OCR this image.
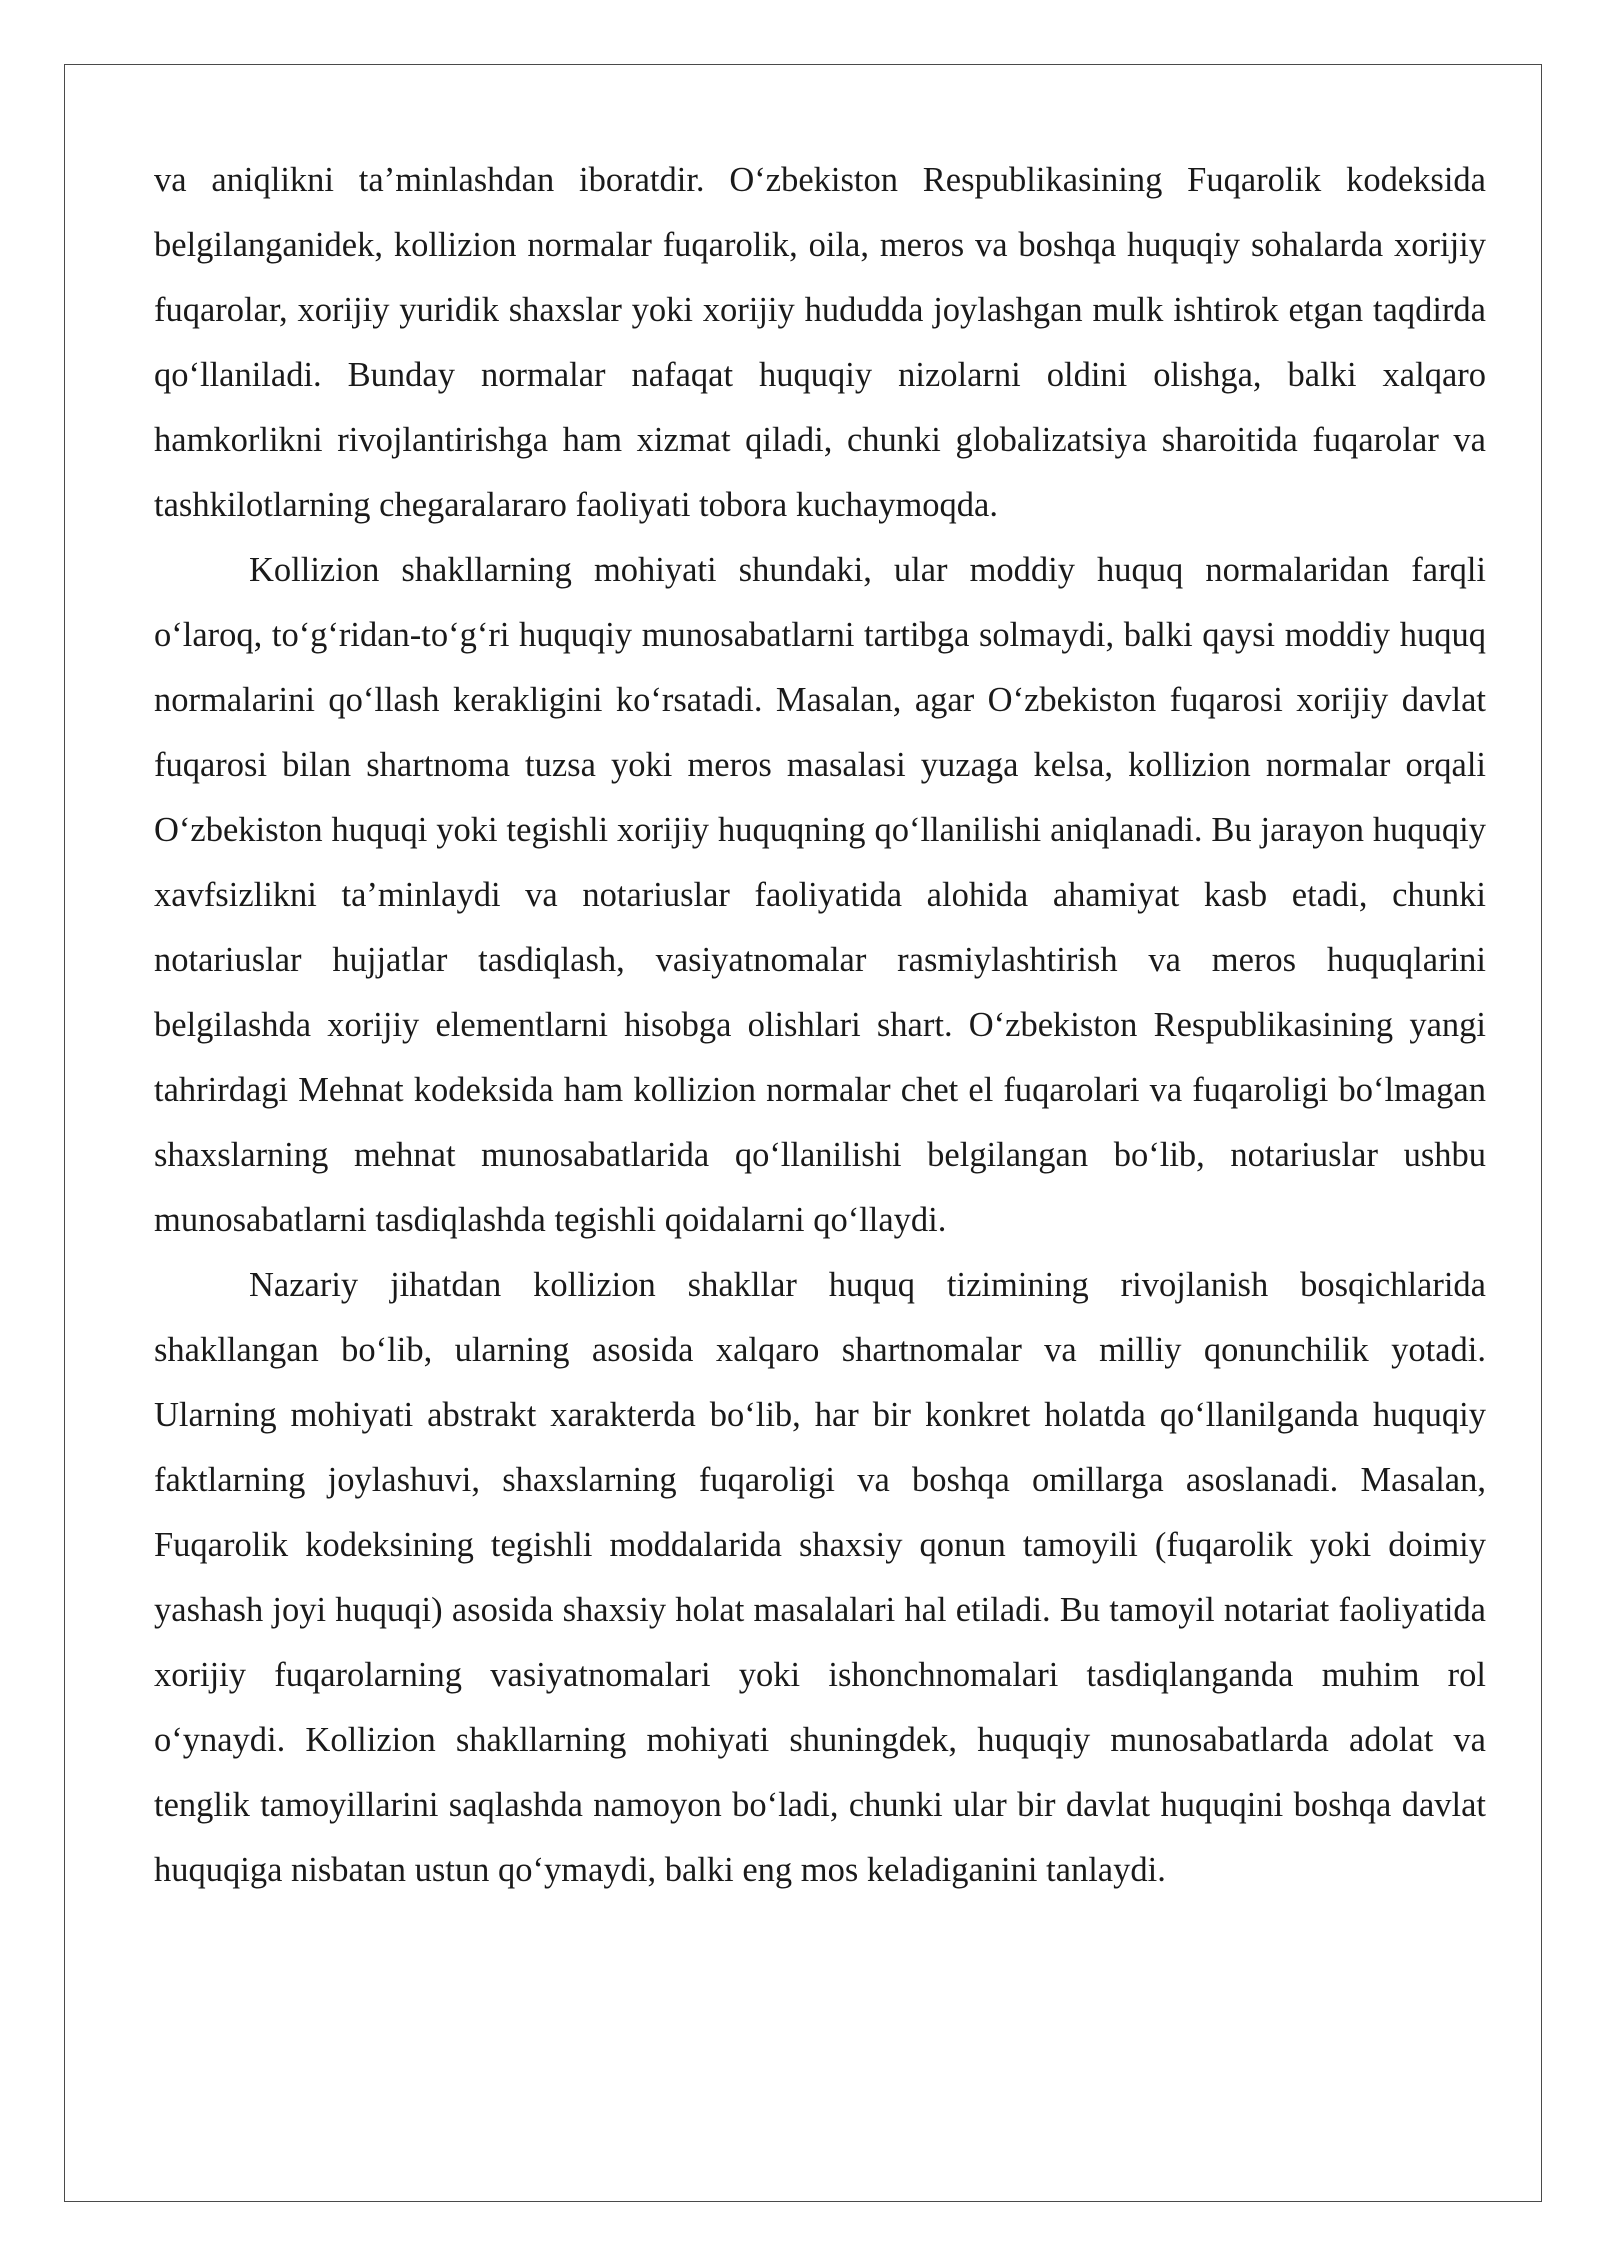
va aniqlikni ta’minlashdan iboratdir. O‘zbekiston Respublikasining Fuqarolik kodeksida belgilanganidek, kollizion normalar fuqarolik, oila, meros va boshqa huquqiy sohalarda xorijiy fuqarolar, xorijiy yuridik shaxslar yoki xorijiy hududda joylashgan mulk ishtirok etgan taqdirda qo‘llaniladi. Bunday normalar nafaqat huquqiy nizolarni oldini olishga, balki xalqaro hamkorlikni rivojlantirishga ham xizmat qiladi, chunki globalizatsiya sharoitida fuqarolar va tashkilotlarning chegaralararo faoliyati tobora kuchaymoqda.

Kollizion shakllarning mohiyati shundaki, ular moddiy huquq normalaridan farqli o‘laroq, to‘g‘ridan-to‘g‘ri huquqiy munosabatlarni tartibga solmaydi, balki qaysi moddiy huquq normalarini qo‘llash kerakligini ko‘rsatadi. Masalan, agar O‘zbekiston fuqarosi xorijiy davlat fuqarosi bilan shartnoma tuzsa yoki meros masalasi yuzaga kelsa, kollizion normalar orqali O‘zbekiston huquqi yoki tegishli xorijiy huquqning qo‘llanilishi aniqlanadi. Bu jarayon huquqiy xavfsizlikni ta’minlaydi va notariuslar faoliyatida alohida ahamiyat kasb etadi, chunki notariuslar hujjatlar tasdiqlash, vasiyatnomalar rasmiylashtirish va meros huquqlarini belgilashda xorijiy elementlarni hisobga olishlari shart. O‘zbekiston Respublikasining yangi tahrirdagi Mehnat kodeksida ham kollizion normalar chet el fuqarolari va fuqaroligi bo‘lmagan shaxslarning mehnat munosabatlarida qo‘llanilishi belgilangan bo‘lib, notariuslar ushbu munosabatlarni tasdiqlashda tegishli qoidalarni qo‘llaydi.

Nazariy jihatdan kollizion shakllar huquq tizimining rivojlanish bosqichlarida shakllangan bo‘lib, ularning asosida xalqaro shartnomalar va milliy qonunchilik yotadi. Ularning mohiyati abstrakt xarakterda bo‘lib, har bir konkret holatda qo‘llanilganda huquqiy faktlarning joylashuvi, shaxslarning fuqaroligi va boshqa omillarga asoslanadi. Masalan, Fuqarolik kodeksining tegishli moddalarida shaxsiy qonun tamoyili (fuqarolik yoki doimiy yashash joyi huquqi) asosida shaxsiy holat masalalari hal etiladi. Bu tamoyil notariat faoliyatida xorijiy fuqarolarning vasiyatnomalari yoki ishonchnomalari tasdiqlanganda muhim rol o‘ynaydi. Kollizion shakllarning mohiyati shuningdek, huquqiy munosabatlarda adolat va tenglik tamoyillarini saqlashda namoyon bo‘ladi, chunki ular bir davlat huquqini boshqa davlat huquqiga nisbatan ustun qo‘ymaydi, balki eng mos keladiganini tanlaydi.
